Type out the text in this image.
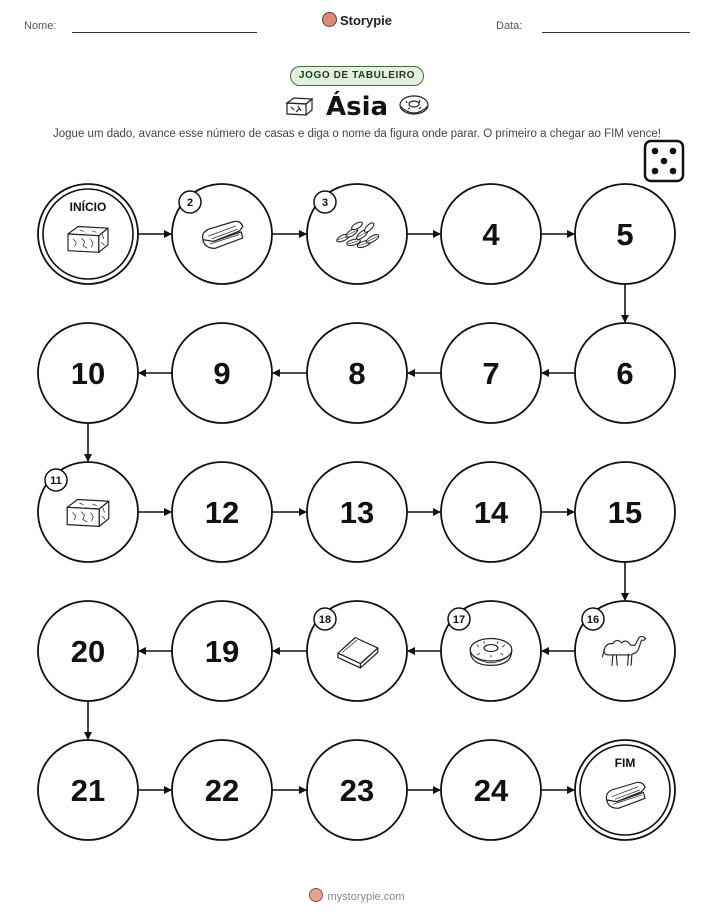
Nome:	Storypie	Data:
JOGO DE TABULEIRO
Ásia
Jogue um dado, avance esse número de casas e diga o nome da figura onde parar. O primeiro a chegar ao FIM vence!
INÍCIO	2	3
4	5
6
7
8
9
10
11
12	13	14	15
16
17
18
19
20
21	22	23	24
FIM
mystorypie.com
